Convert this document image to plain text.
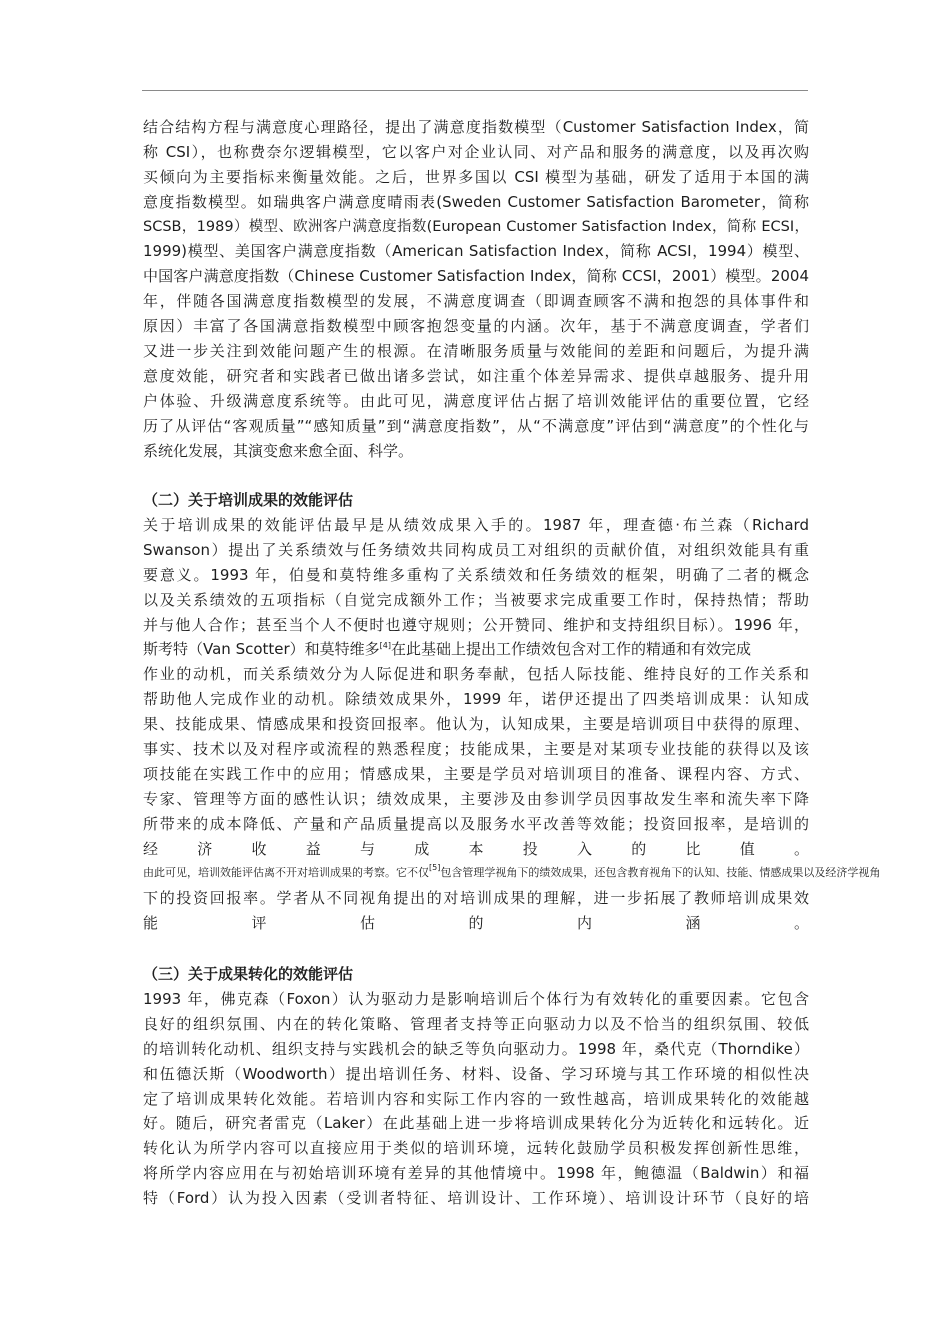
结合结构方程与满意度心理路径，提出了满意度指数模型（Customer Satisfaction Index，简
称 CSI），也称费奈尔逻辑模型，它以客户对企业认同、对产品和服务的满意度，以及再次购
买倾向为主要指标来衡量效能。之后，世界多国以 CSI 模型为基础，研发了适用于本国的满
意度指数模型。如瑞典客户满意度晴雨表(Sweden Customer Satisfaction Barometer，简称
SCSB，1989）模型、欧洲客户满意度指数(European Customer Satisfaction Index，简称 ECSI，
1999)模型、美国客户满意度指数（American Satisfaction Index，简称 ACSI，1994）模型、
中国客户满意度指数（Chinese Customer Satisfaction Index，简称 CCSI，2001）模型。2004
年，伴随各国满意度指数模型的发展，不满意度调查（即调查顾客不满和抱怨的具体事件和
原因）丰富了各国满意指数模型中顾客抱怨变量的内涵。次年，基于不满意度调查，学者们
又进一步关注到效能问题产生的根源。在清晰服务质量与效能间的差距和问题后，为提升满
意度效能，研究者和实践者已做出诸多尝试，如注重个体差异需求、提供卓越服务、提升用
户体验、升级满意度系统等。由此可见，满意度评估占据了培训效能评估的重要位置，它经
历了从评估“客观质量”“感知质量”到“满意度指数”，从“不满意度”评估到“满意度”的个性化与
系统化发展，其演变愈来愈全面、科学。
（二）关于培训成果的效能评估
关于培训成果的效能评估最早是从绩效成果入手的。1987 年，理查德·布兰森（Richard
Swanson）提出了关系绩效与任务绩效共同构成员工对组织的贡献价值，对组织效能具有重
要意义。1993 年，伯曼和莫特维多重构了关系绩效和任务绩效的框架，明确了二者的概念
以及关系绩效的五项指标（自觉完成额外工作；当被要求完成重要工作时，保持热情；帮助
并与他人合作；甚至当个人不便时也遵守规则；公开赞同、维护和支持组织目标）。1996 年，
斯考特（Van Scotter）和莫特维多[4]在此基础上提出工作绩效包含对工作的精通和有效完成
作业的动机，而关系绩效分为人际促进和职务奉献，包括人际技能、维持良好的工作关系和
帮助他人完成作业的动机。除绩效成果外，1999 年，诺伊还提出了四类培训成果：认知成
果、技能成果、情感成果和投资回报率。他认为，认知成果，主要是培训项目中获得的原理、
事实、技术以及对程序或流程的熟悉程度；技能成果，主要是对某项专业技能的获得以及该
项技能在实践工作中的应用；情感成果，主要是学员对培训项目的准备、课程内容、方式、
专家、管理等方面的感性认识；绩效成果，主要涉及由参训学员因事故发生率和流失率下降
所带来的成本降低、产量和产品质量提高以及服务水平改善等效能；投资回报率，是培训的
经济收益与成本投入的比值。
由此可见，培训效能评估离不开对培训成果的考察。它不仅[5]包含管理学视角下的绩效成果，还包含教育视角下的认知、技能、情感成果以及经济学视角
下的投资回报率。学者从不同视角提出的对培训成果的理解，进一步拓展了教师培训成果效
能评估的内涵。
（三）关于成果转化的效能评估
1993 年，佛克森（Foxon）认为驱动力是影响培训后个体行为有效转化的重要因素。它包含
良好的组织氛围、内在的转化策略、管理者支持等正向驱动力以及不恰当的组织氛围、较低
的培训转化动机、组织支持与实践机会的缺乏等负向驱动力。1998 年，桑代克（Thorndike）
和伍德沃斯（Woodworth）提出培训任务、材料、设备、学习环境与其工作环境的相似性决
定了培训成果转化效能。若培训内容和实际工作内容的一致性越高，培训成果转化的效能越
好。随后，研究者雷克（Laker）在此基础上进一步将培训成果转化分为近转化和远转化。近
转化认为所学内容可以直接应用于类似的培训环境，远转化鼓励学员积极发挥创新性思维，
将所学内容应用在与初始培训环境有差异的其他情境中。1998 年，鲍德温（Baldwin）和福
特（Ford）认为投入因素（受训者特征、培训设计、工作环境）、培训设计环节（良好的培
